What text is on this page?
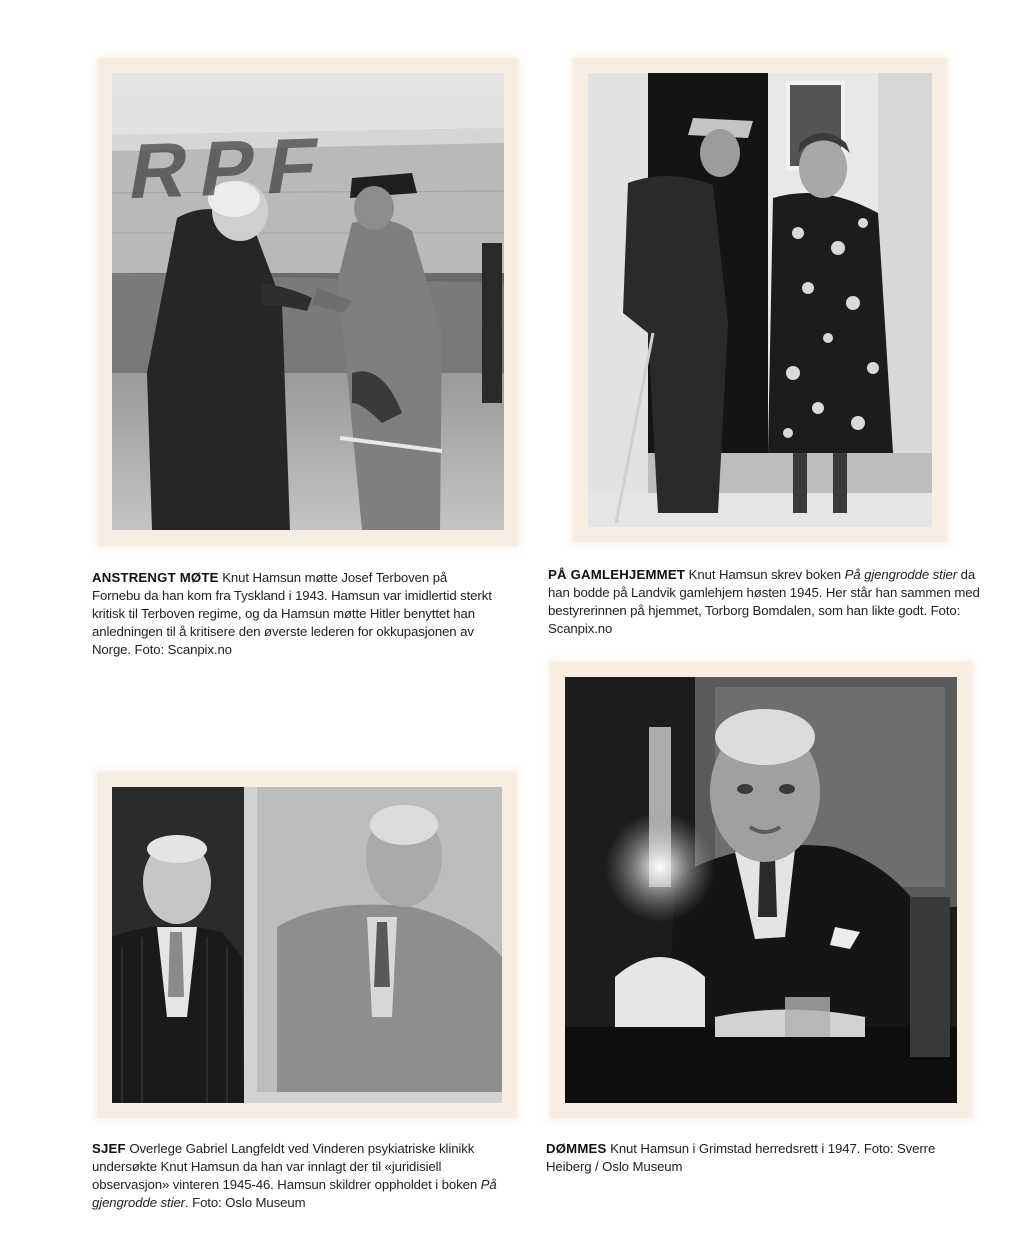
RPF
ANSTRENGT MØTE Knut Hamsun møtte Josef Terboven på Fornebu da han kom fra Tyskland i 1943. Hamsun var imidlertid sterkt kritisk til Terboven regime, og da Hamsun møtte Hitler benyttet han anledningen til å kritisere den øverste lederen for okkupasjonen av Norge. Foto: Scanpix.no
PÅ GAMLEHJEMMET Knut Hamsun skrev boken På gjengrodde stier da han bodde på Landvik gamlehjem høsten 1945. Her står han sammen med bestyrerinnen på hjemmet, Torborg Bomdalen, som han likte godt. Foto: Scanpix.no
SJEF Overlege Gabriel Langfeldt ved Vinderen psykiatriske klinikk undersøkte Knut Hamsun da han var innlagt der til «juridisiell observasjon» vinteren 1945-46. Hamsun skildrer oppholdet i boken På gjengrodde stier. Foto: Oslo Museum
DØMMES Knut Hamsun i Grimstad herredsrett i 1947. Foto: Sverre Heiberg / Oslo Museum
